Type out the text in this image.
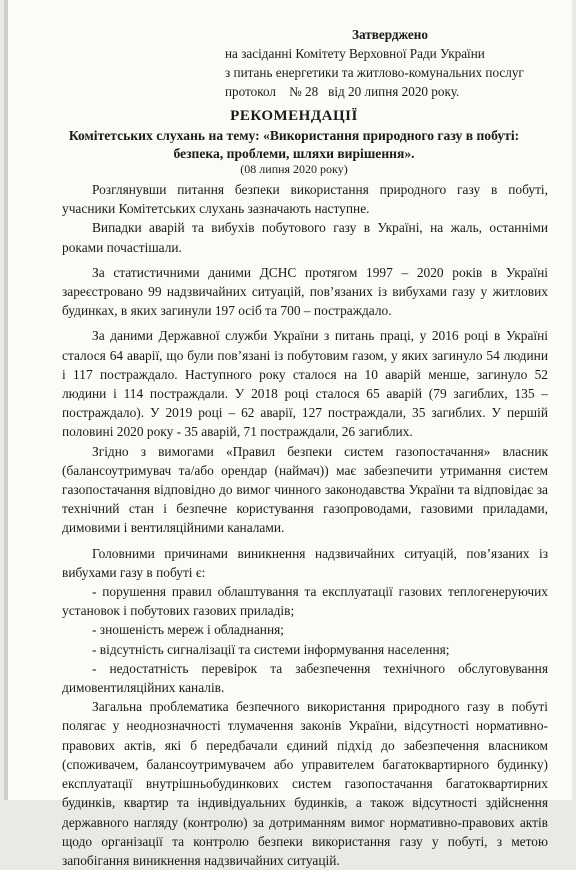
Затверджено
на засіданні Комітету Верховної Ради України
з питань енергетики та житлово-комунальних послуг
протокол    № 28   від 20 липня 2020 року.
РЕКОМЕНДАЦІЇ
Комітетських слухань на тему: «Використання природного газу в побуті:
безпека, проблеми, шляхи вирішення».
(08 липня 2020 року)

Розглянувши питання безпеки використання природного газу в побуті, учасники Комітетських слухань зазначають наступне.

Випадки аварій та вибухів побутового газу в Україні, на жаль, останніми роками почастішали.

За статистичними даними ДСНС протягом 1997 – 2020 років в Україні зареєстровано 99 надзвичайних ситуацій, пов’язаних із вибухами газу у житлових будинках, в яких загинули 197 осіб та 700 – постраждало.

За даними Державної служби України з питань праці, у 2016 році в Україні сталося 64 аварії, що були пов’язані із побутовим газом, у яких загинуло 54 людини і 117 постраждало. Наступного року сталося на 10 аварій менше, загинуло 52 людини і 114 постраждали. У 2018 році сталося 65 аварій (79 загиблих, 135 – постраждало). У 2019 році – 62 аварії, 127 постраждали, 35 загиблих. У першій половині 2020 року - 35 аварій, 71 постраждали, 26 загиблих.

Згідно з вимогами «Правил безпеки систем газопостачання» власник (балансоутримувач та/або орендар (наймач)) має забезпечити утримання систем газопостачання відповідно до вимог чинного законодавства України та відповідає за технічний стан і безпечне користування газопроводами, газовими приладами, димовими і вентиляційними каналами.

Головними причинами виникнення надзвичайних ситуацій, пов’язаних із вибухами газу в побуті є:

- порушення правил облаштування та експлуатації газових теплогенеруючих установок і побутових газових приладів;

- зношеність мереж і обладнання;

- відсутність сигналізації та системи інформування населення;

- недостатність перевірок та забезпечення технічного обслуговування димовентиляційних каналів.

Загальна проблематика безпечного використання природного газу в побуті полягає у неоднозначності тлумачення законів України, відсутності нормативно-правових актів, які б передбачали єдиний підхід до забезпечення власником (споживачем, балансоутримувачем або управителем багатоквартирного будинку) експлуатації внутрішньобудинкових систем газопостачання багатоквартирних будинків, квартир та індивідуальних будинків, а також відсутності здійснення державного нагляду (контролю) за дотриманням вимог нормативно-правових актів щодо організації та контролю безпеки використання газу у побуті, з метою запобігання виникнення надзвичайних ситуацій.
